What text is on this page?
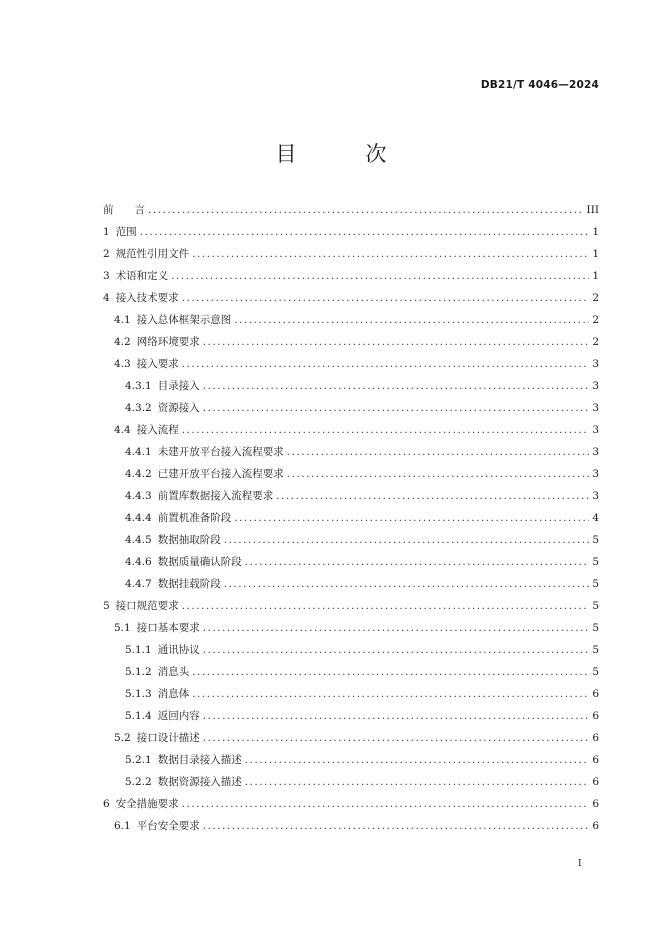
DB21/T 4046—2024
目　次
前　　言 .....	III
1 范围 .....	1
2 规范性引用文件 .....	1
3 术语和定义 .....	1
4 接入技术要求 .....	2
4.1 接入总体框架示意图 .....	2
4.2 网络环境要求 .....	2
4.3 接入要求 .....	3
4.3.1 目录接入 .....	3
4.3.2 资源接入 .....	3
4.4 接入流程 .....	3
4.4.1 未建开放平台接入流程要求 .....	3
4.4.2 已建开放平台接入流程要求 .....	3
4.4.3 前置库数据接入流程要求 .....	3
4.4.4 前置机准备阶段 .....	4
4.4.5 数据抽取阶段 .....	5
4.4.6 数据质量确认阶段 .....	5
4.4.7 数据挂载阶段 .....	5
5 接口规范要求 .....	5
5.1 接口基本要求 .....	5
5.1.1 通讯协议 .....	5
5.1.2 消息头 .....	5
5.1.3 消息体 .....	6
5.1.4 返回内容 .....	6
5.2 接口设计描述 .....	6
5.2.1 数据目录接入描述 .....	6
5.2.2 数据资源接入描述 .....	6
6 安全措施要求 .....	6
6.1 平台安全要求 .....	6
I
